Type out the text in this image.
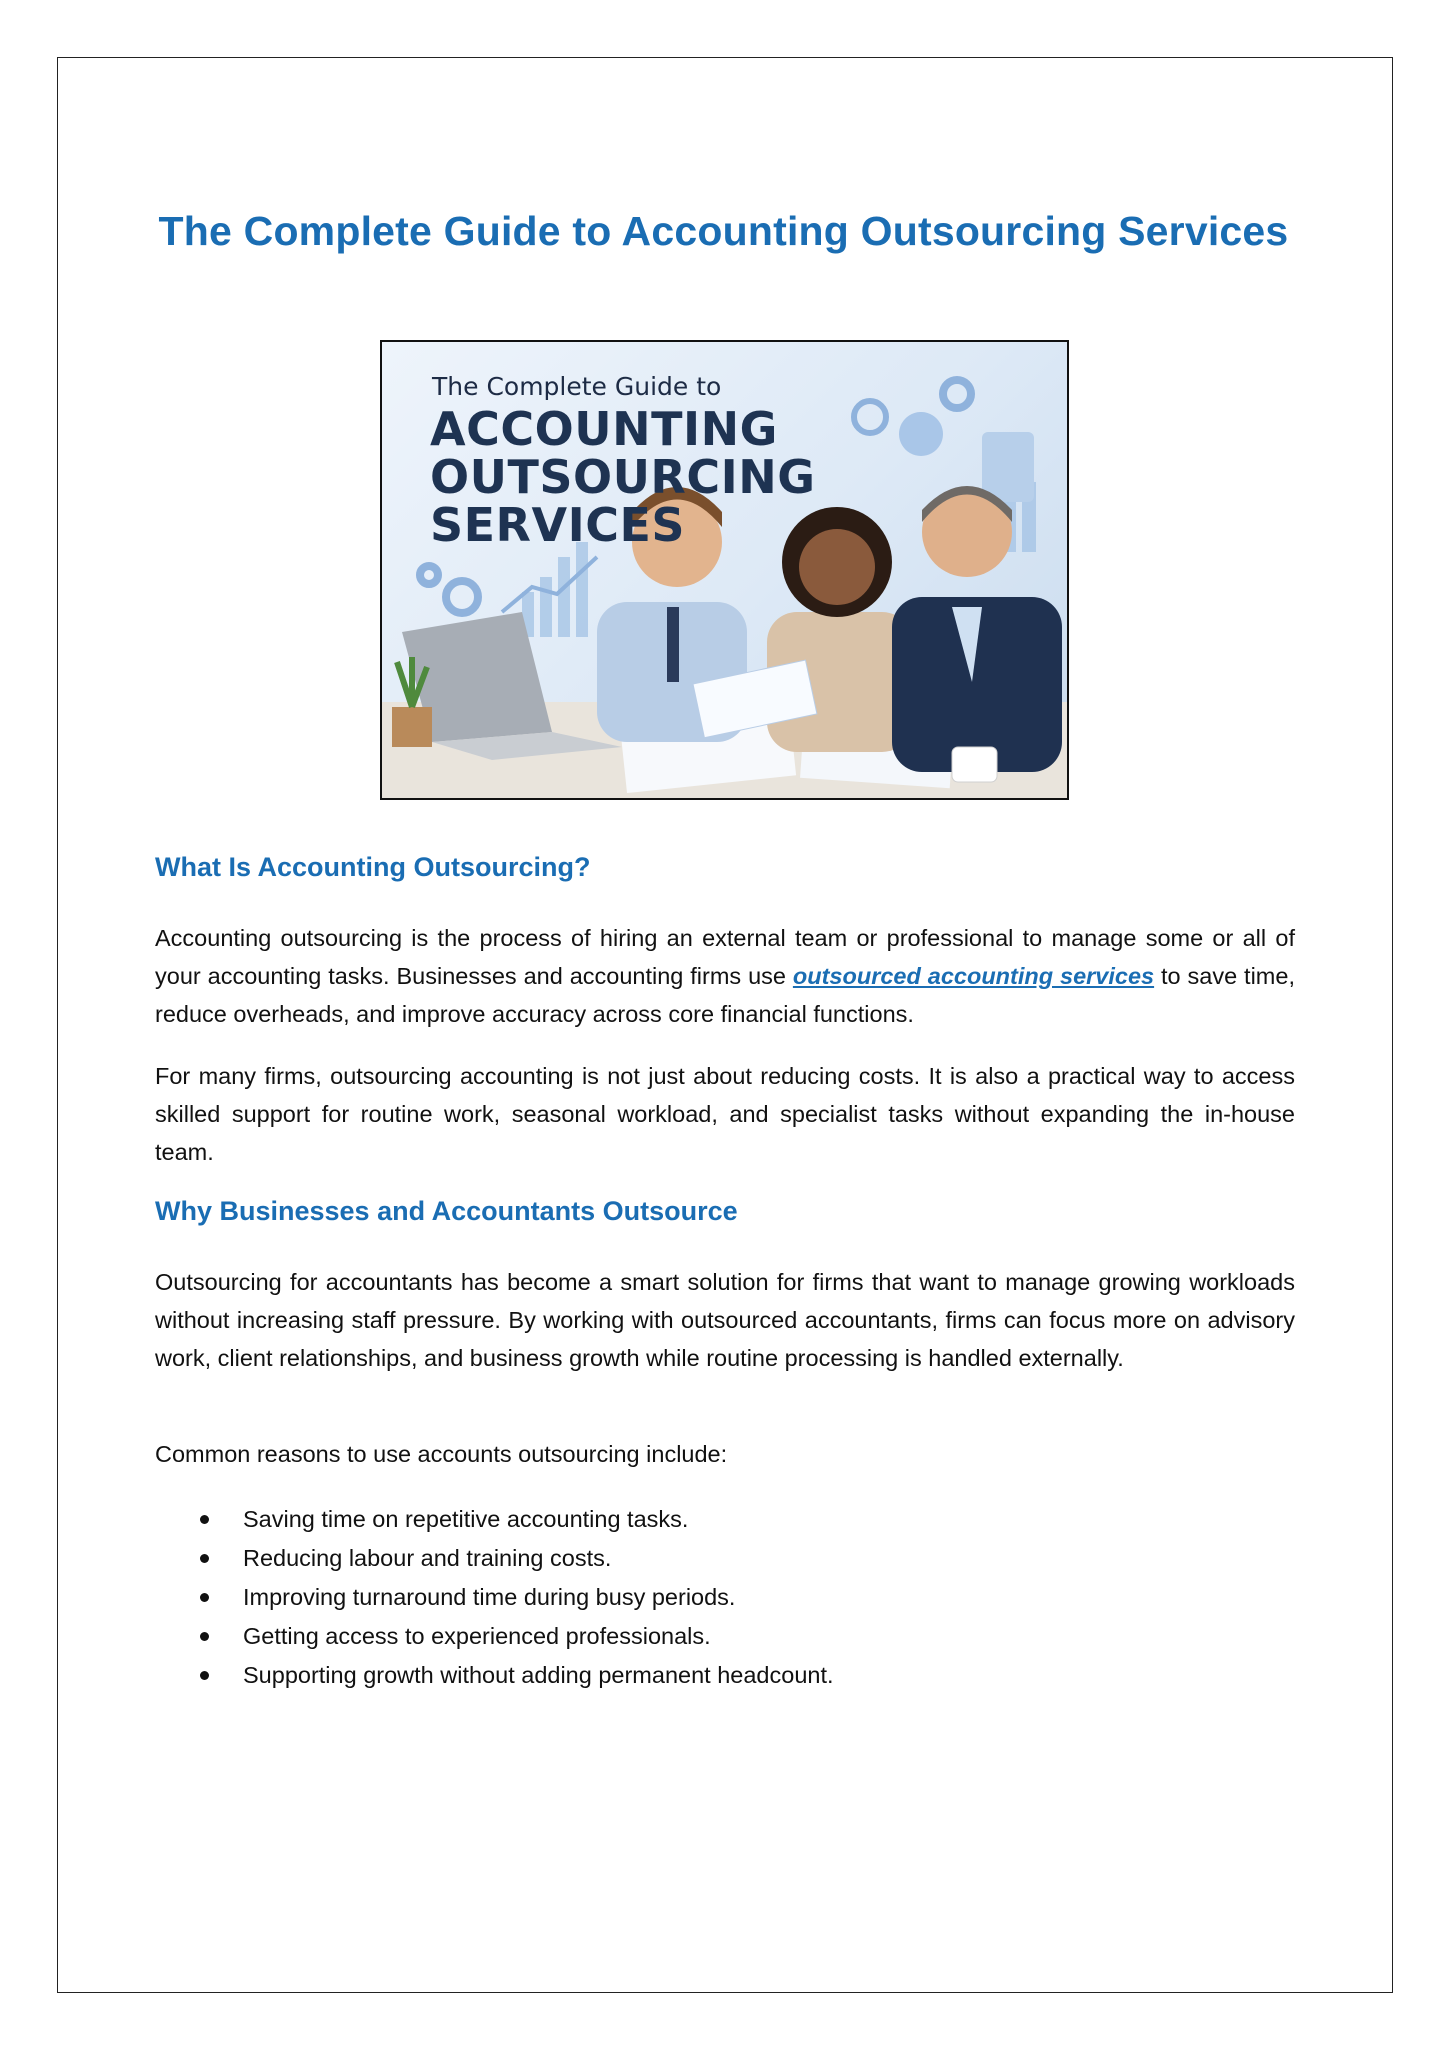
The Complete Guide to Accounting Outsourcing Services
The Complete Guide to
ACCOUNTING
OUTSOURCING
SERVICES
What Is Accounting Outsourcing?
Accounting outsourcing is the process of hiring an external team or professional to manage some or all of your accounting tasks. Businesses and accounting firms use outsourced accounting services to save time, reduce overheads, and improve accuracy across core financial functions.
For many firms, outsourcing accounting is not just about reducing costs. It is also a practical way to access skilled support for routine work, seasonal workload, and specialist tasks without expanding the in-house team.
Why Businesses and Accountants Outsource
Outsourcing for accountants has become a smart solution for firms that want to manage growing workloads without increasing staff pressure. By working with outsourced accountants, firms can focus more on advisory work, client relationships, and business growth while routine processing is handled externally.
Common reasons to use accounts outsourcing include:
Saving time on repetitive accounting tasks.
Reducing labour and training costs.
Improving turnaround time during busy periods.
Getting access to experienced professionals.
Supporting growth without adding permanent headcount.
